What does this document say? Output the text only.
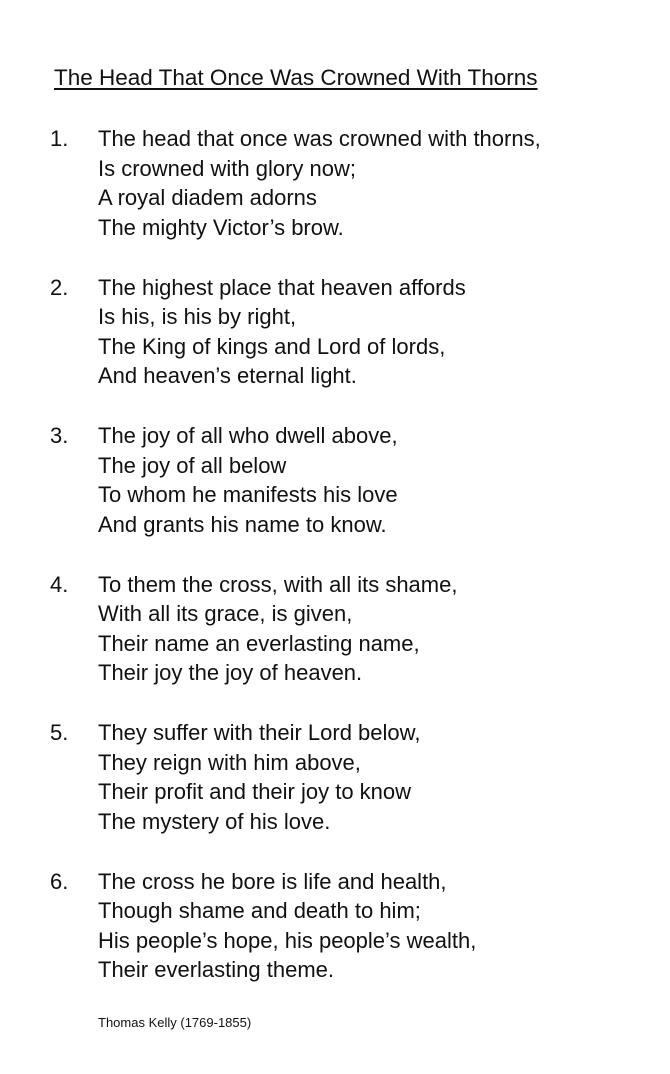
The Head That Once Was Crowned With Thorns
1. The head that once was crowned with thorns,
Is crowned with glory now;
A royal diadem adorns
The mighty Victor’s brow.
2. The highest place that heaven affords
Is his, is his by right,
The King of kings and Lord of lords,
And heaven’s eternal light.
3. The joy of all who dwell above,
The joy of all below
To whom he manifests his love
And grants his name to know.
4. To them the cross, with all its shame,
With all its grace, is given,
Their name an everlasting name,
Their joy the joy of heaven.
5. They suffer with their Lord below,
They reign with him above,
Their profit and their joy to know
The mystery of his love.
6. The cross he bore is life and health,
Though shame and death to him;
His people’s hope, his people’s wealth,
Their everlasting theme.
Thomas Kelly (1769-1855)
